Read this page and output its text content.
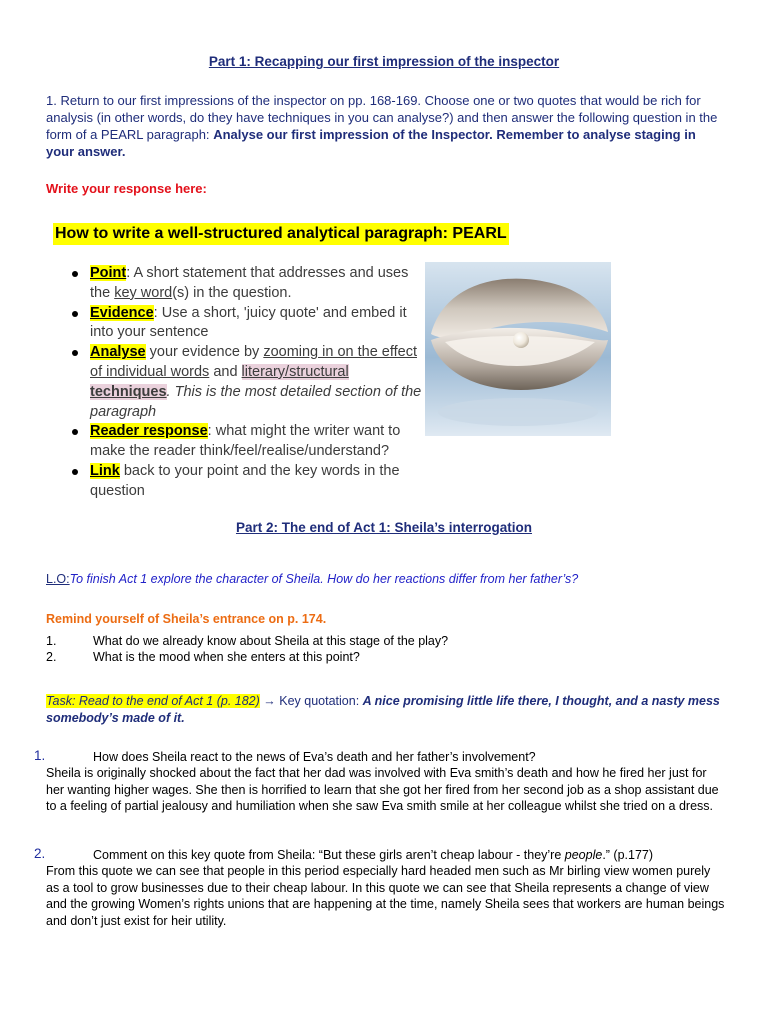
Part 1: Recapping our first impression of the inspector
1. Return to our first impressions of the inspector on pp. 168-169. Choose one or two quotes that would be rich for analysis (in other words, do they have techniques in you can analyse?) and then answer the following question in the form of a PEARL paragraph: Analyse our first impression of the Inspector. Remember to analyse staging in your answer.
Write your response here:
How to write a well-structured analytical paragraph: PEARL
Point: A short statement that addresses and uses the key word(s) in the question.
Evidence: Use a short, 'juicy quote' and embed it into your sentence
Analyse your evidence by zooming in on the effect of individual words and literary/structural techniques. This is the most detailed section of the paragraph
Reader response: what might the writer want to make the reader think/feel/realise/understand?
Link back to your point and the key words in the question
Part 2: The end of Act 1: Sheila’s interrogation
L.O:To finish Act 1 explore the character of Sheila. How do her reactions differ from her father’s?
Remind yourself of Sheila’s entrance on p. 174.
1.	What do we already know about Sheila at this stage of the play?
2.	What is the mood when she enters at this point?
Task: Read to the end of Act 1 (p. 182) → Key quotation: A nice promising little life there, I thought, and a nasty mess somebody’s made of it.
1.	How does Sheila react to the news of Eva’s death and her father’s involvement?
Sheila is originally shocked about the fact that her dad was involved with Eva smith’s death and how he fired her just for her wanting higher wages. She then is horrified to learn that she got her fired from her second job as a shop assistant due to a feeling of partial jealousy and humiliation when she saw Eva smith smile at her colleague whilst she tried on a dress.
2.	Comment on this key quote from Sheila: “But these girls aren’t cheap labour - they’re people.” (p.177)
From this quote we can see that people in this period especially hard headed men such as Mr birling view women purely as a tool to grow businesses due to their cheap labour. In this quote we can see that Sheila represents a change of view and the growing Women’s rights unions that are happening at the time, namely Sheila sees that workers are human beings and don’t just exist for heir utility.
